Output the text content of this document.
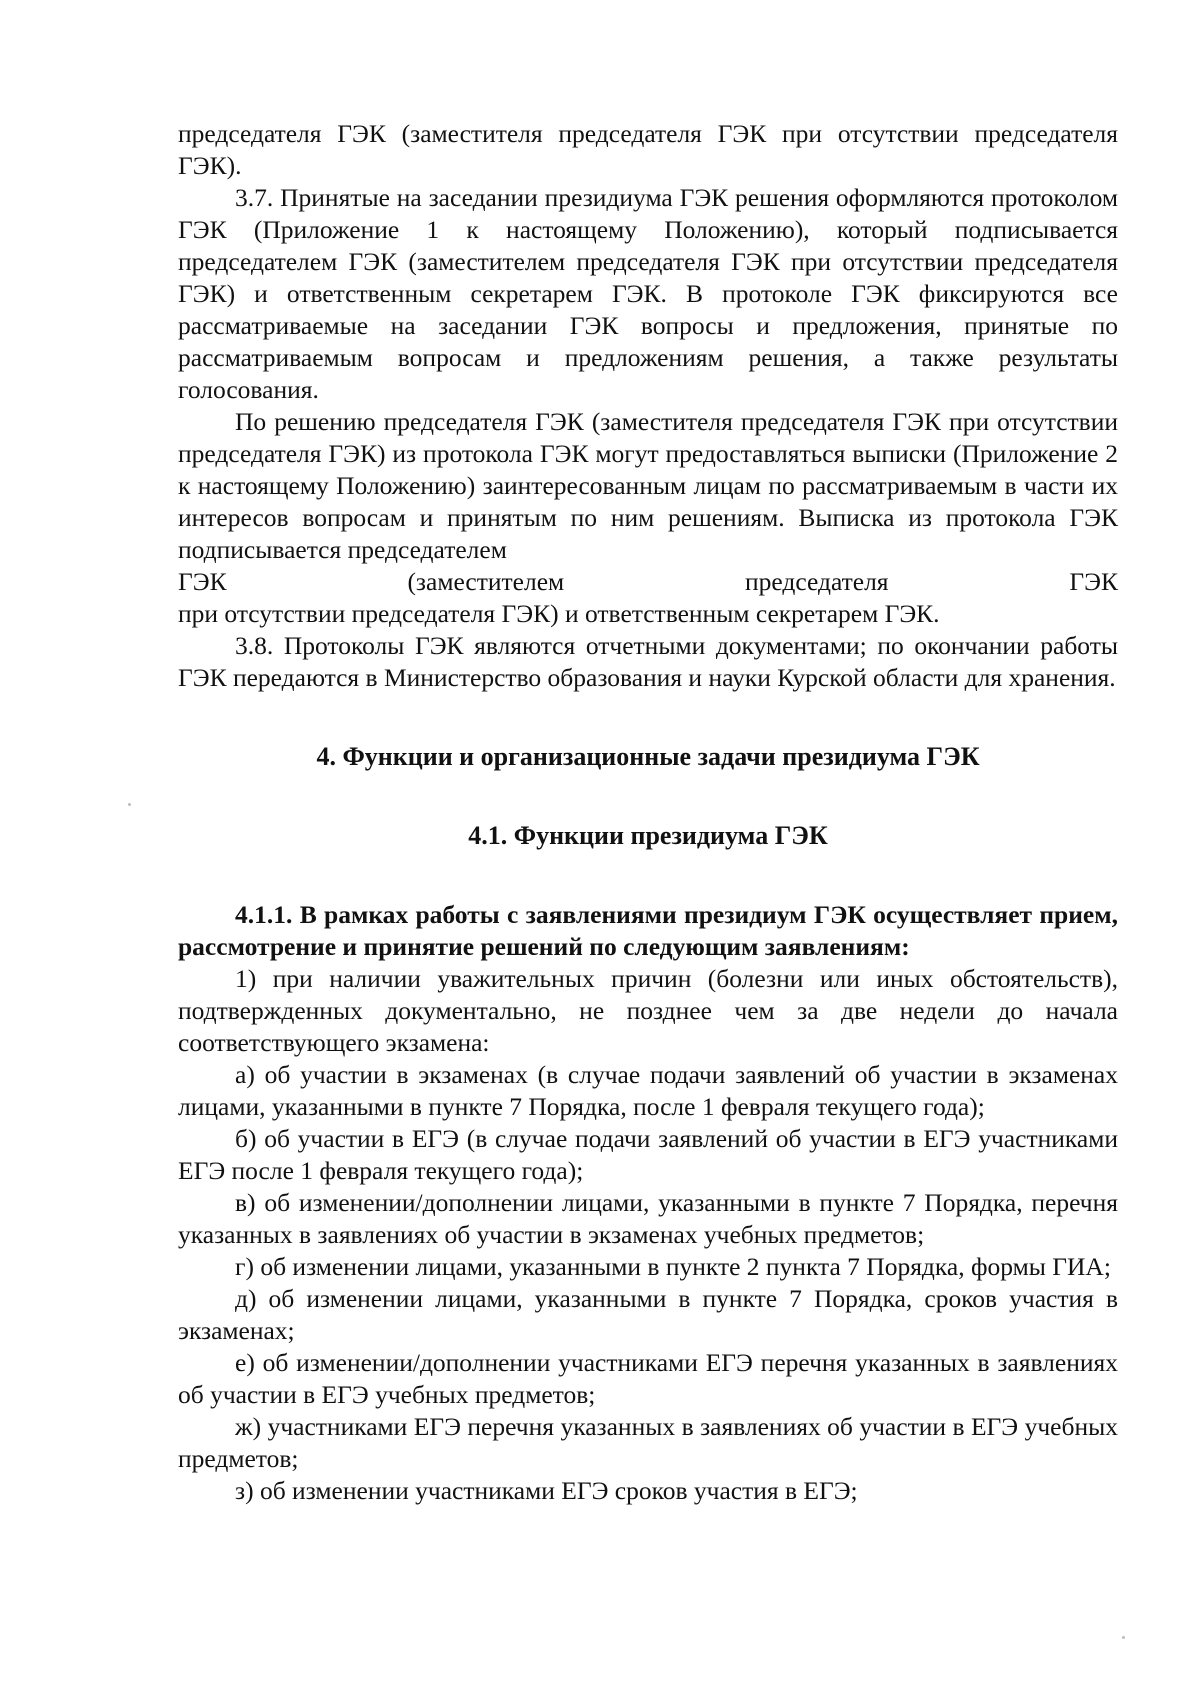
председателя ГЭК (заместителя председателя ГЭК при отсутствии председателя ГЭК).

3.7. Принятые на заседании президиума ГЭК решения оформляются протоколом ГЭК (Приложение 1 к настоящему Положению), который подписывается председателем ГЭК (заместителем председателя ГЭК при отсутствии председателя ГЭК) и ответственным секретарем ГЭК. В протоколе ГЭК фиксируются все рассматриваемые на заседании ГЭК вопросы и предложения, принятые по рассматриваемым вопросам и предложениям решения, а также результаты голосования.

По решению председателя ГЭК (заместителя председателя ГЭК при отсутствии председателя ГЭК) из протокола ГЭК могут предоставляться выписки (Приложение 2 к настоящему Положению) заинтересованным лицам по рассматриваемым в части их интересов вопросам и принятым по ним решениям. Выписка из протокола ГЭК подписывается председателем

ГЭК	(заместителем	председателя	ГЭК

при отсутствии председателя ГЭК) и ответственным секретарем ГЭК.

3.8. Протоколы ГЭК являются отчетными документами; по окончании работы ГЭК передаются в Министерство образования и науки Курской области для хранения.

4. Функции и организационные задачи президиума ГЭК
4.1. Функции президиума ГЭК

4.1.1. В рамках работы с заявлениями президиум ГЭК осуществляет прием, рассмотрение и принятие решений по следующим заявлениям:

1) при наличии уважительных причин (болезни или иных обстоятельств), подтвержденных документально, не позднее чем за две недели до начала соответствующего экзамена:

а) об участии в экзаменах (в случае подачи заявлений об участии в экзаменах лицами, указанными в пункте 7 Порядка, после 1 февраля текущего года);

б) об участии в ЕГЭ (в случае подачи заявлений об участии в ЕГЭ участниками ЕГЭ после 1 февраля текущего года);

в) об изменении/дополнении лицами, указанными в пункте 7 Порядка, перечня указанных в заявлениях об участии в экзаменах учебных предметов;

г) об изменении лицами, указанными в пункте 2 пункта 7 Порядка, формы ГИА;

д) об изменении лицами, указанными в пункте 7 Порядка, сроков участия в экзаменах;

е) об изменении/дополнении участниками ЕГЭ перечня указанных в заявлениях об участии в ЕГЭ учебных предметов;

ж) участниками ЕГЭ перечня указанных в заявлениях об участии в ЕГЭ учебных предметов;

з) об изменении участниками ЕГЭ сроков участия в ЕГЭ;
